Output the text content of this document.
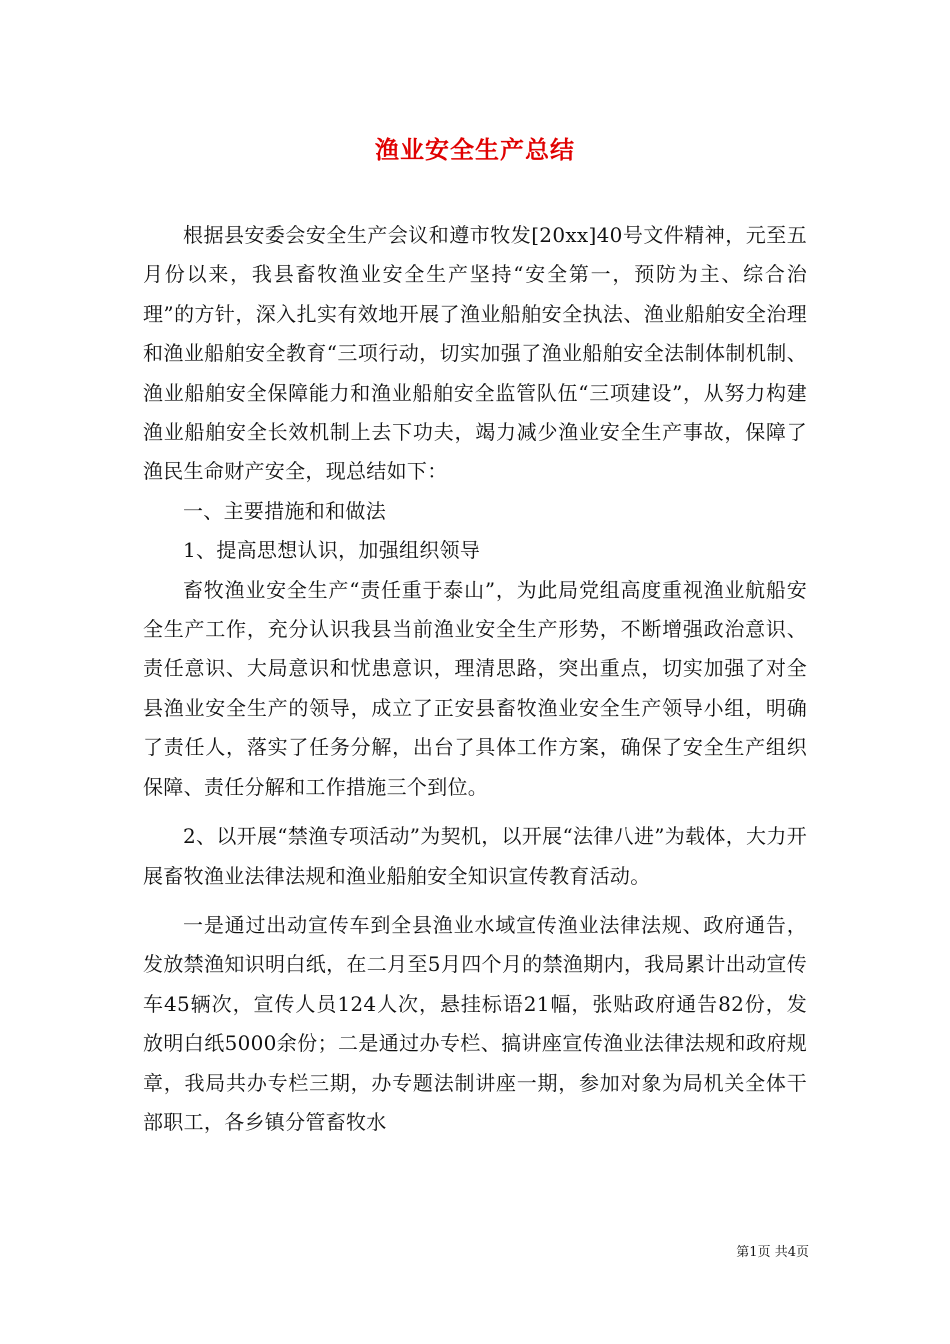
渔业安全生产总结

根据县安委会安全生产会议和遵市牧发[20xx]40号文件精神，元至五月份以来，我县畜牧渔业安全生产坚持“安全第一，预防为主、综合治理”的方针，深入扎实有效地开展了渔业船舶安全执法、渔业船舶安全治理和渔业船舶安全教育“三项行动，切实加强了渔业船舶安全法制体制机制、渔业船舶安全保障能力和渔业船舶安全监管队伍“三项建设”，从努力构建渔业船舶安全长效机制上去下功夫，竭力减少渔业安全生产事故，保障了渔民生命财产安全，现总结如下：

一、主要措施和和做法

1、提高思想认识，加强组织领导

畜牧渔业安全生产“责任重于泰山”，为此局党组高度重视渔业航船安全生产工作，充分认识我县当前渔业安全生产形势，不断增强政治意识、责任意识、大局意识和忧患意识，理清思路，突出重点，切实加强了对全县渔业安全生产的领导，成立了正安县畜牧渔业安全生产领导小组，明确了责任人，落实了任务分解，出台了具体工作方案，确保了安全生产组织保障、责任分解和工作措施三个到位。

2、以开展“禁渔专项活动”为契机，以开展“法律八进”为载体，大力开展畜牧渔业法律法规和渔业船舶安全知识宣传教育活动。

一是通过出动宣传车到全县渔业水域宣传渔业法律法规、政府通告，发放禁渔知识明白纸，在二月至5月四个月的禁渔期内，我局累计出动宣传车45辆次，宣传人员124人次，悬挂标语21幅，张贴政府通告82份，发放明白纸5000余份；二是通过办专栏、搞讲座宣传渔业法律法规和政府规章，我局共办专栏三期，办专题法制讲座一期，参加对象为局机关全体干部职工，各乡镇分管畜牧水

第1页 共4页
